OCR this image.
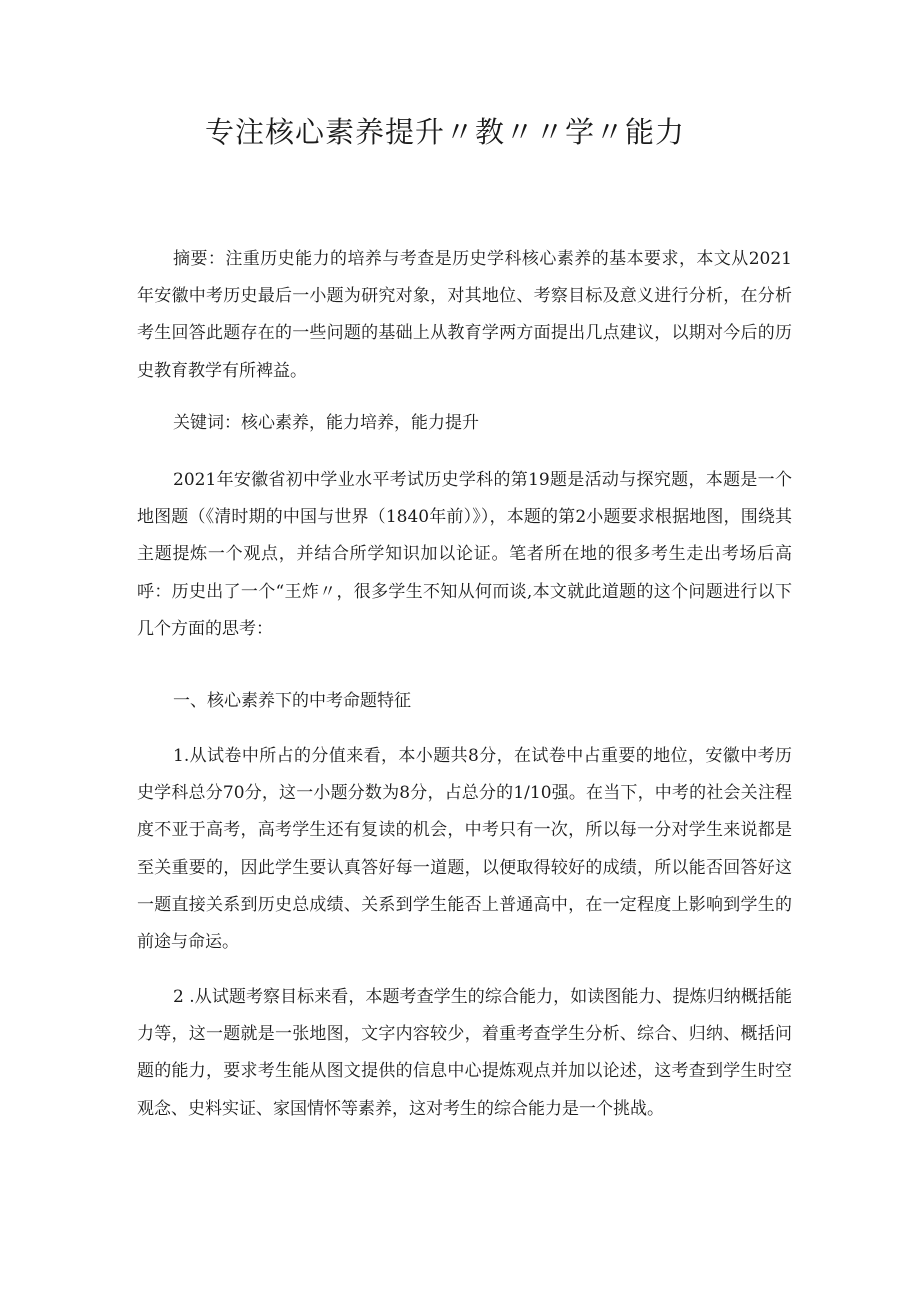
专注核心素养提升〃教〃〃学〃能力

摘要：注重历史能力的培养与考查是历史学科核心素养的基本要求，本文从2021年安徽中考历史最后一小题为研究对象，对其地位、考察目标及意义进行分析，在分析考生回答此题存在的一些问题的基础上从教育学两方面提出几点建议，以期对今后的历史教育教学有所裨益。

关键词：核心素养，能力培养，能力提升

2021年安徽省初中学业水平考试历史学科的第19题是活动与探究题，本题是一个地图题（《清时期的中国与世界（1840年前）》），本题的第2小题要求根据地图，围绕其主题提炼一个观点，并结合所学知识加以论证。笔者所在地的很多考生走出考场后高呼：历史出了一个“王炸〃，很多学生不知从何而谈,本文就此道题的这个问题进行以下几个方面的思考：

一、核心素养下的中考命题特征

1.从试卷中所占的分值来看，本小题共8分，在试卷中占重要的地位，安徽中考历史学科总分70分，这一小题分数为8分，占总分的1/10强。在当下，中考的社会关注程度不亚于高考，高考学生还有复读的机会，中考只有一次，所以每一分对学生来说都是至关重要的，因此学生要认真答好每一道题，以便取得较好的成绩，所以能否回答好这一题直接关系到历史总成绩、关系到学生能否上普通高中，在一定程度上影响到学生的前途与命运。

2 .从试题考察目标来看，本题考查学生的综合能力，如读图能力、提炼归纳概括能力等，这一题就是一张地图，文字内容较少，着重考查学生分析、综合、归纳、概括问题的能力，要求考生能从图文提供的信息中心提炼观点并加以论述，这考查到学生时空观念、史料实证、家国情怀等素养，这对考生的综合能力是一个挑战。
